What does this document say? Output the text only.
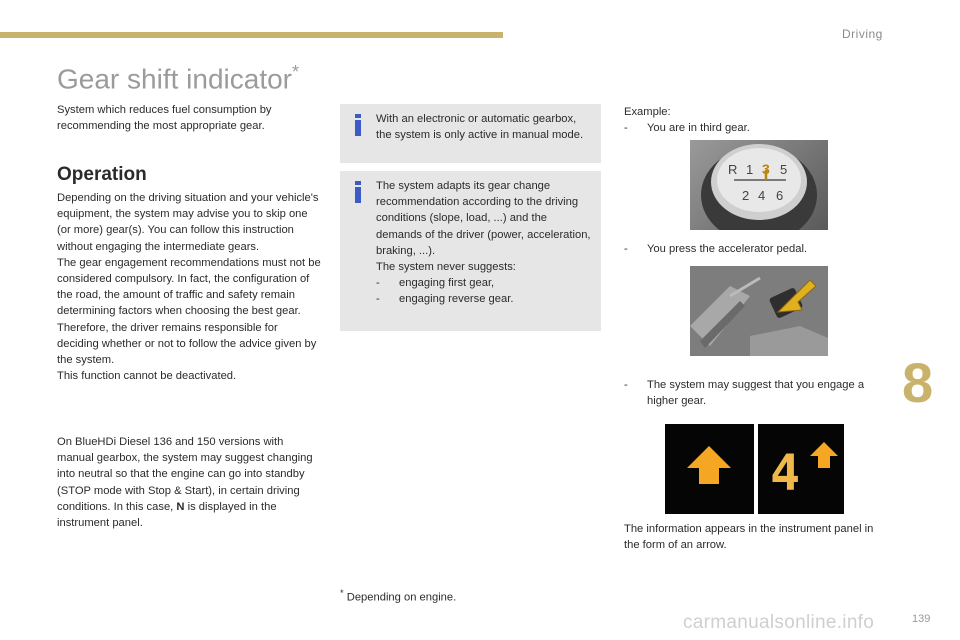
Driving
Gear shift indicator*

System which reduces fuel consumption by recommending the most appropriate gear.

Operation

Depending on the driving situation and your vehicle's equipment, the system may advise you to skip one (or more) gear(s). You can follow this instruction without engaging the intermediate gears.

The gear engagement recommendations must not be considered compulsory. In fact, the configuration of the road, the amount of traffic and safety remain determining factors when choosing the best gear. Therefore, the driver remains responsible for deciding whether or not to follow the advice given by the system.

This function cannot be deactivated.

On BlueHDi Diesel 136 and 150 versions with manual gearbox, the system may suggest changing into neutral so that the engine can go into standby (STOP mode with Stop & Start), in certain driving conditions. In this case, N is displayed in the instrument panel.

With an electronic or automatic gearbox, the system is only active in manual mode.

The system adapts its gear change recommendation according to the driving conditions (slope, load, ...) and the demands of the driver (power, acceleration, braking, ...).

The system never suggests:

-	engaging first gear,
-	engaging reverse gear.

Example:

-	You are in third gear.
R 1 3 5
2 4 6
-	You press the accelerator pedal.
-	The system may suggest that you engage a higher gear.
4

The information appears in the instrument panel in the form of an arrow.

* Depending on engine.
8
carmanualsonline.info	139
